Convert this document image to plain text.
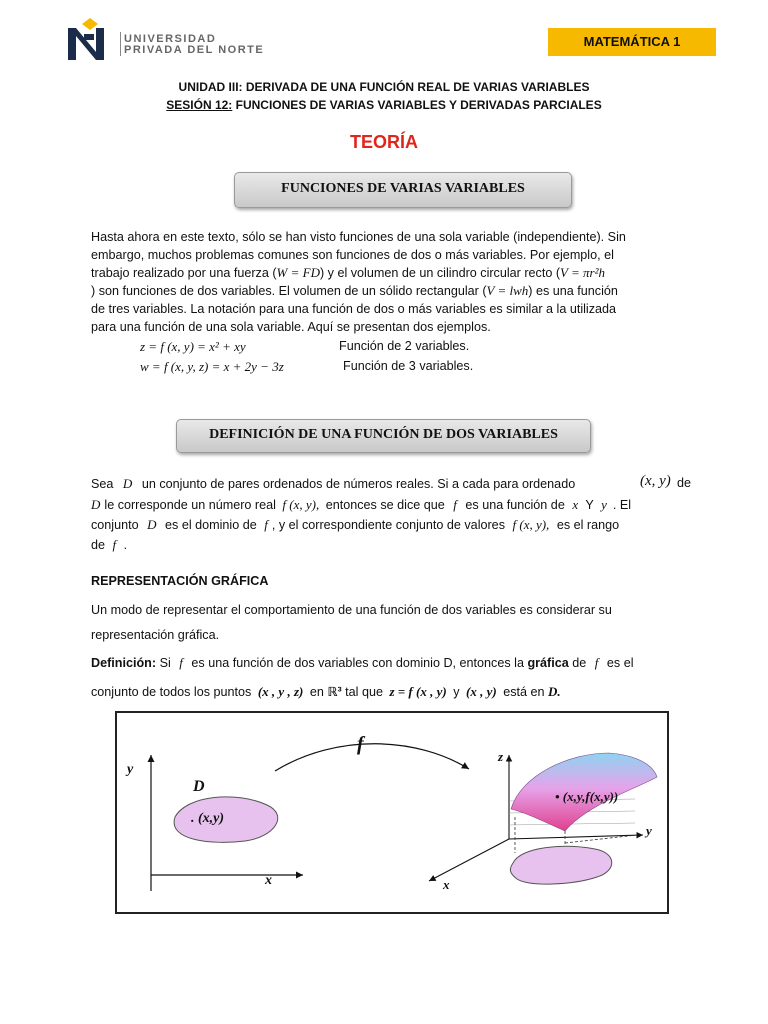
UNIVERSIDAD
PRIVADA DEL NORTE
MATEMÁTICA 1
UNIDAD III: DERIVADA DE UNA FUNCIÓN REAL DE VARIAS VARIABLES
SESIÓN 12: FUNCIONES DE VARIAS VARIABLES Y DERIVADAS PARCIALES
TEORÍA
FUNCIONES DE VARIAS VARIABLES
Hasta ahora en este texto, sólo se han visto funciones de una sola variable (independiente). Sin
embargo, muchos problemas comunes son funciones de dos o más variables. Por ejemplo, el
trabajo realizado por una fuerza (W = FD) y el volumen de un cilindro circular recto (V = πr²h
) son funciones de dos variables. El volumen de un sólido rectangular (V = lwh) es una función
de tres variables. La notación para una función de dos o más variables es similar a la utilizada
para una función de una sola variable. Aquí se presentan dos ejemplos.
z = f (x, y) = x² + xy	Función de 2 variables.
w = f (x, y, z) = x + 2y − 3z	Función de 3 variables.
DEFINICIÓN DE UNA FUNCIÓN DE DOS VARIABLES
Sea D un conjunto de pares ordenados de números reales. Si a cada para ordenado	(x, y) de
D le corresponde un número real f (x, y), entonces se dice que f es una función de x Y y . El
conjunto D es el dominio de f , y el correspondiente conjunto de valores f (x, y), es el rango
de f .
REPRESENTACIÓN GRÁFICA
Un modo de representar el comportamiento de una función de dos variables es considerar su
representación gráfica.
Definición: Si f es una función de dos variables con dominio D, entonces la gráfica de f es el
conjunto de todos los puntos (x , y , z) en ℝ³ tal que z = f (x , y) y (x , y) está en D.
y
x
D
. (x,y)
f
z
y
x
• (x,y,f(x,y))
